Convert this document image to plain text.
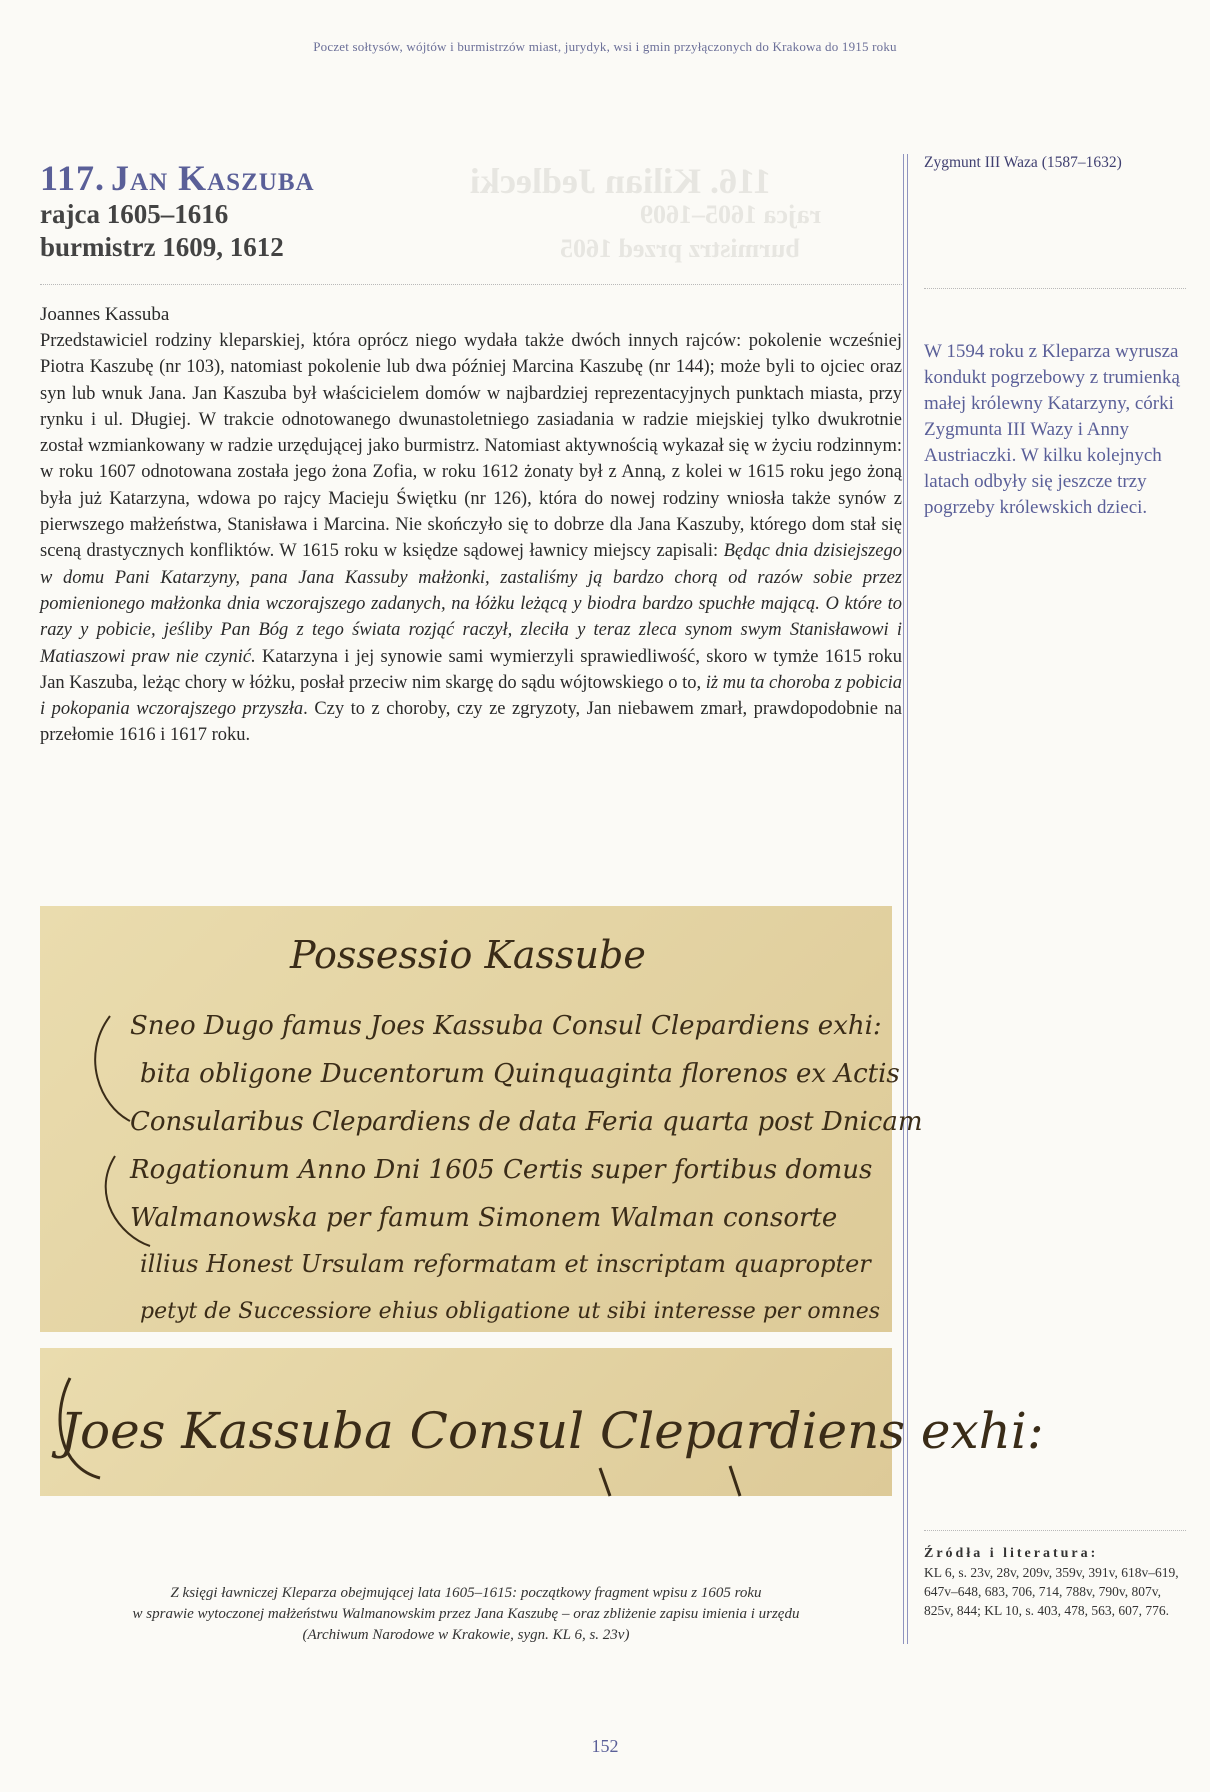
Poczet sołtysów, wójtów i burmistrzów miast, jurydyk, wsi i gmin przyłączonych do Krakowa do 1915 roku
116. Kilian Jedlecki
rajca 1605–1609
burmistrz przed 1605
117. Jan Kaszuba
rajca 1605–1616
burmistrz 1609, 1612
Joannes Kassuba

Przedstawiciel rodziny kleparskiej, która oprócz niego wydała także dwóch innych rajców: pokolenie wcześniej Piotra Kaszubę (nr 103), natomiast pokolenie lub dwa później Marcina Kaszubę (nr 144); może byli to ojciec oraz syn lub wnuk Jana. Jan Kaszuba był właścicielem domów w najbardziej reprezentacyjnych punktach miasta, przy rynku i ul. Długiej. W trakcie odnotowanego dwunastoletniego zasiadania w radzie miejskiej tylko dwukrotnie został wzmiankowany w radzie urzędującej jako burmistrz. Natomiast aktywnością wykazał się w życiu rodzinnym: w roku 1607 odnotowana została jego żona Zofia, w roku 1612 żonaty był z Anną, z kolei w 1615 roku jego żoną była już Katarzyna, wdowa po rajcy Macieju Świętku (nr 126), która do nowej rodziny wniosła także synów z pierwszego małżeństwa, Stanisława i Marcina. Nie skończyło się to dobrze dla Jana Kaszuby, którego dom stał się sceną drastycznych konfliktów. W 1615 roku w księdze sądowej ławnicy miejscy zapisali: Będąc dnia dzisiejszego w domu Pani Katarzyny, pana Jana Kassuby małżonki, zastaliśmy ją bardzo chorą od razów sobie przez pomienionego małżonka dnia wczorajszego zadanych, na łóżku leżącą y biodra bardzo spuchłe mającą. O które to razy y pobicie, jeśliby Pan Bóg z tego świata rozjąć raczył, zleciła y teraz zleca synom swym Stanisławowi i Matiaszowi praw nie czynić. Katarzyna i jej synowie sami wymierzyli sprawiedliwość, skoro w tymże 1615 roku Jan Kaszuba, leżąc chory w łóżku, posłał przeciw nim skargę do sądu wójtowskiego o to, iż mu ta choroba z pobicia i pokopania wczorajszego przyszła. Czy to z choroby, czy ze zgryzoty, Jan niebawem zmarł, prawdopodobnie na przełomie 1616 i 1617 roku.

Zygmunt III Waza (1587–1632)
W 1594 roku z Kleparza wyrusza kondukt pogrzebowy z trumienką małej królewny Katarzyny, córki Zygmunta III Wazy i Anny Austriaczki. W kilku kolejnych latach odbyły się jeszcze trzy pogrzeby królewskich dzieci.
Źródła i literatura:
KL 6, s. 23v, 28v, 209v, 359v, 391v, 618v–619, 647v–648, 683, 706, 714, 788v, 790v, 807v, 825v, 844; KL 10, s. 403, 478, 563, 607, 776.
Possessio Kassube
Sneo Dugo famus Joes Kassuba Consul Clepardiens exhi:
bita obligone Ducentorum Quinquaginta florenos ex Actis
Consularibus Clepardiens de data Feria quarta post Dnicam
Rogationum Anno Dni 1605 Certis super fortibus domus
Walmanowska per famum Simonem Walman consorte
illius Honest Ursulam reformatam et inscriptam quapropter
petyt de Successiore ehius obligatione ut sibi interesse per omnes
Joes Kassuba Consul Clepardiens exhi:
Z księgi ławniczej Kleparza obejmującej lata 1605–1615: początkowy fragment wpisu z 1605 roku
w sprawie wytoczonej małżeństwu Walmanowskim przez Jana Kaszubę – oraz zbliżenie zapisu imienia i urzędu
(Archiwum Narodowe w Krakowie, sygn. KL 6, s. 23v)
152
